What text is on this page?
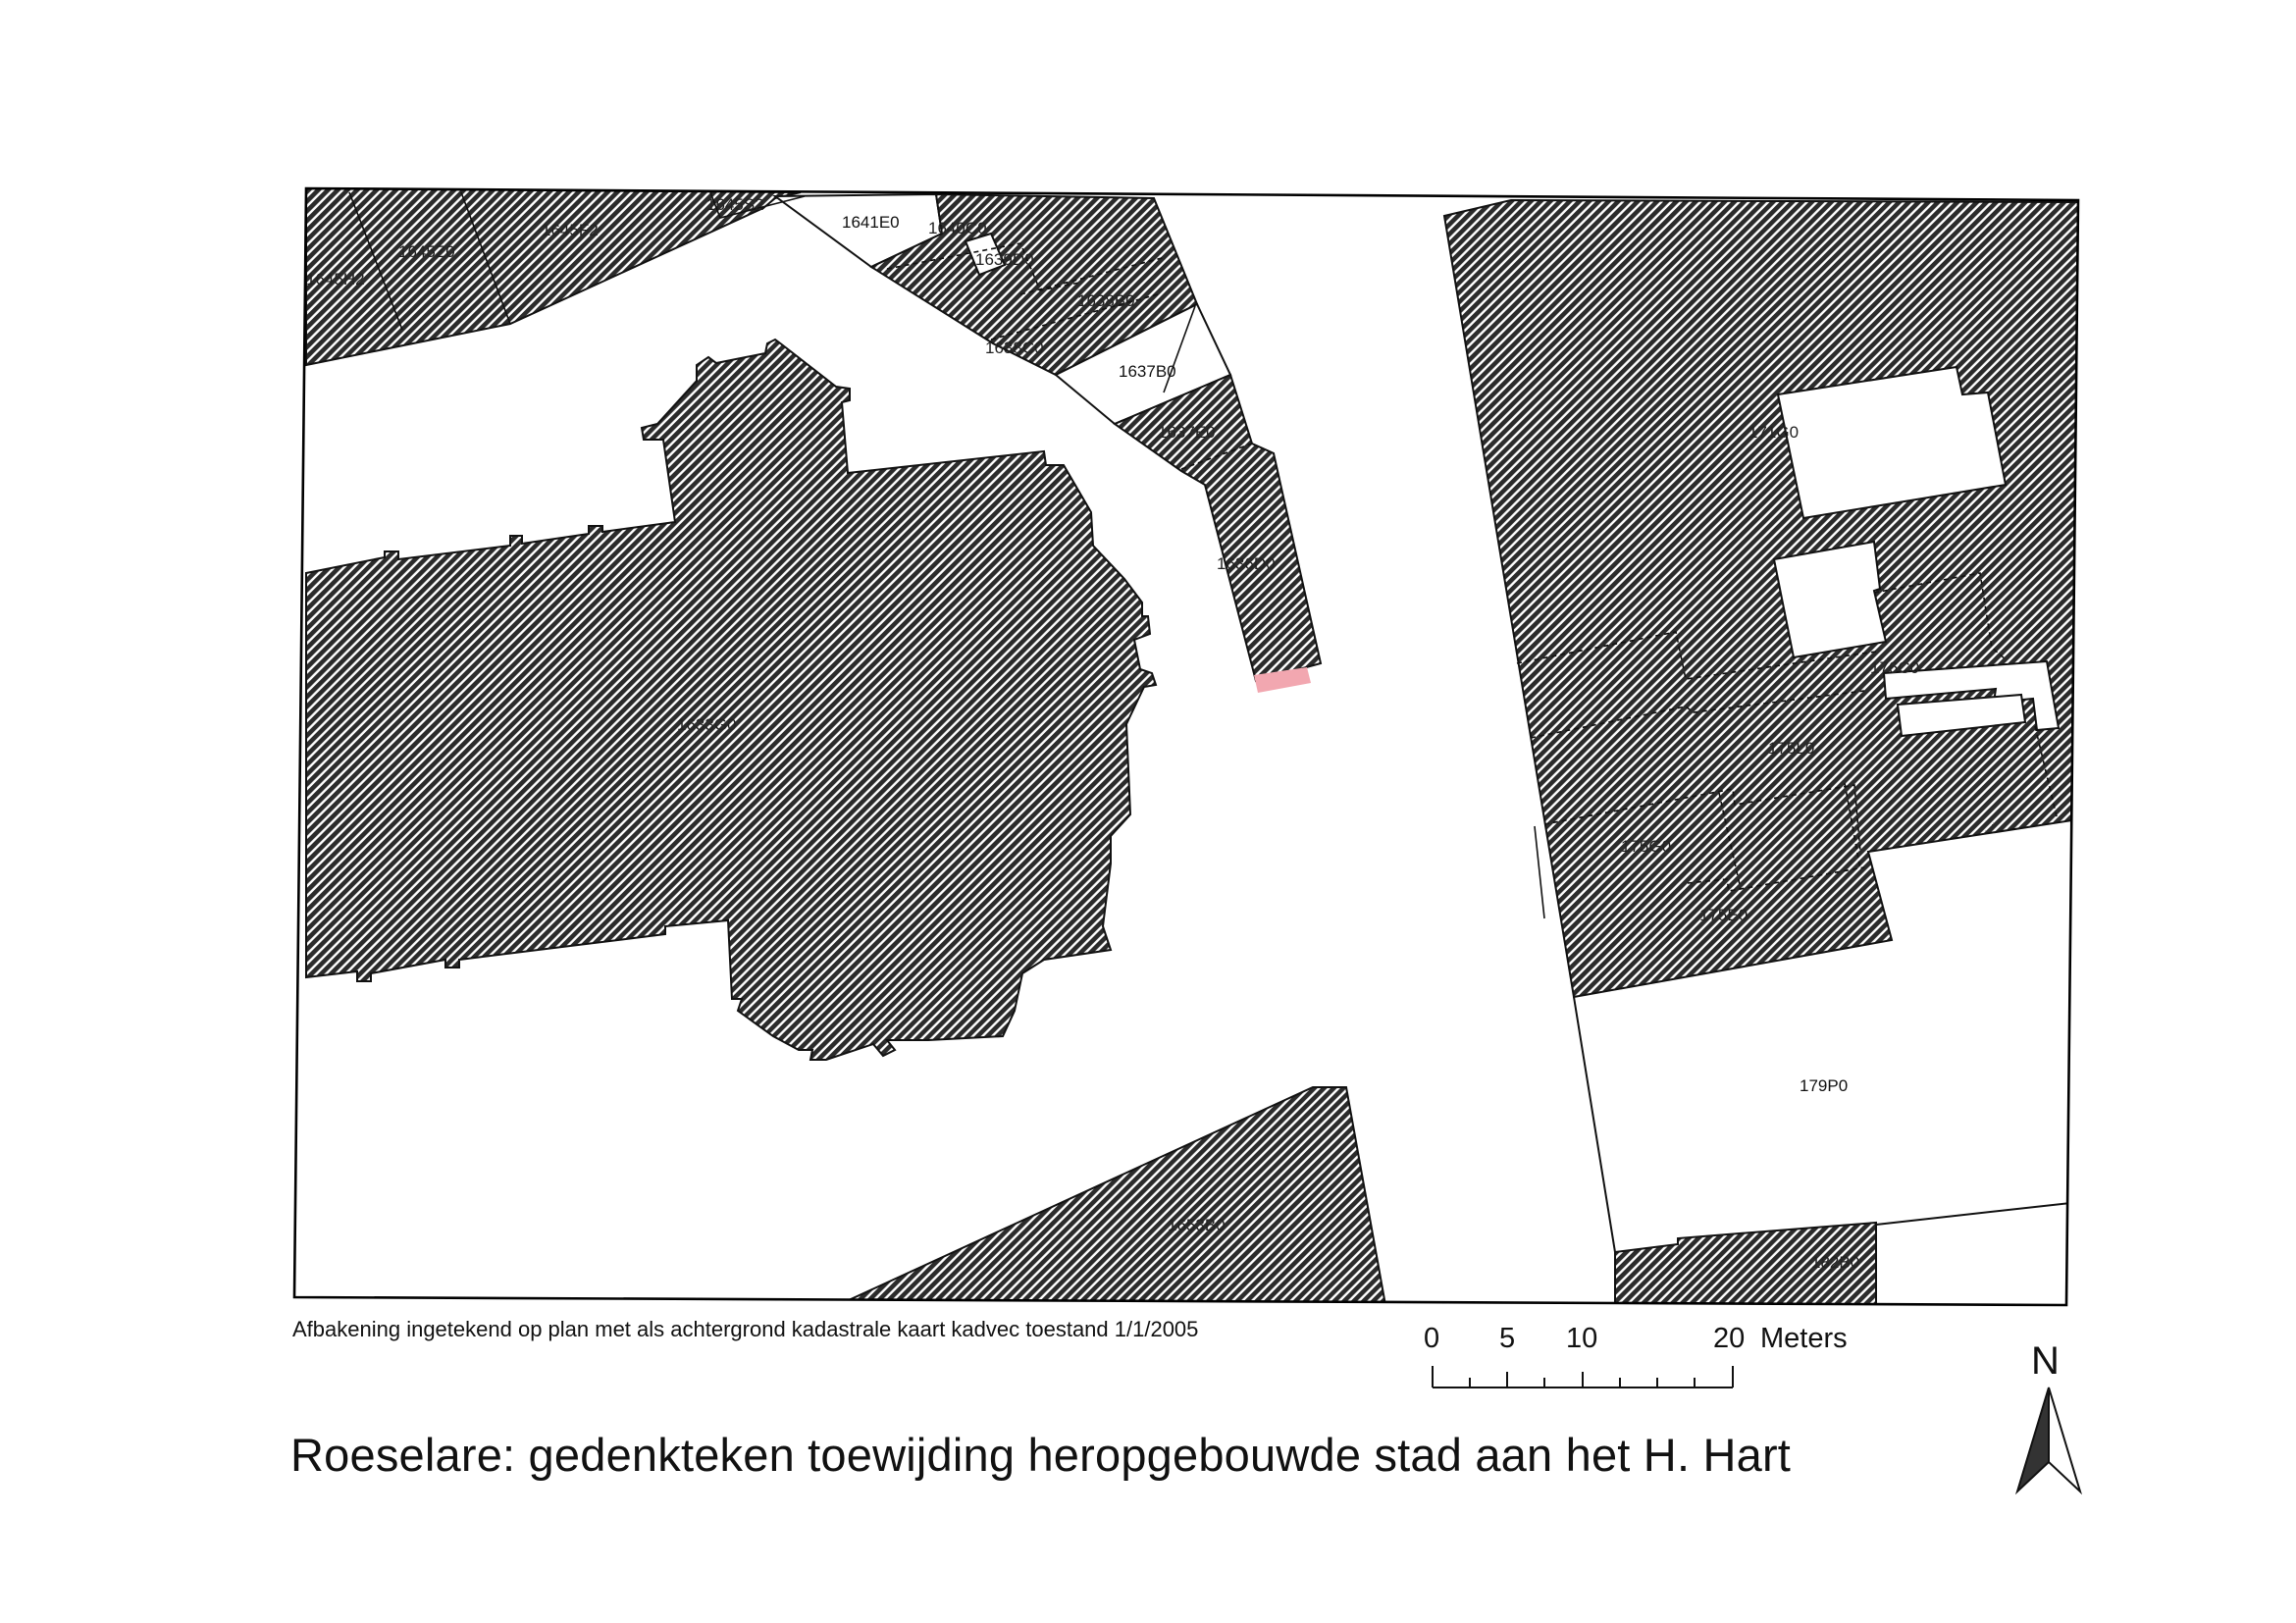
1645H2
1645Z0
1645F2
1645S2
1641E0 1640C0
1639D0
1638B0
1638C0
1637B0
1637E0
1636D0
1633G0
1653B0
171G0
176C0
175L0
175G0
175E0
179P0
182B0
Afbakening ingetekend op plan met als achtergrond kadastrale kaart kadvec toestand 1/1/2005	0 5 10	20 Meters
N
Roeselare: gedenkteken toewijding heropgebouwde stad aan het H. Hart
